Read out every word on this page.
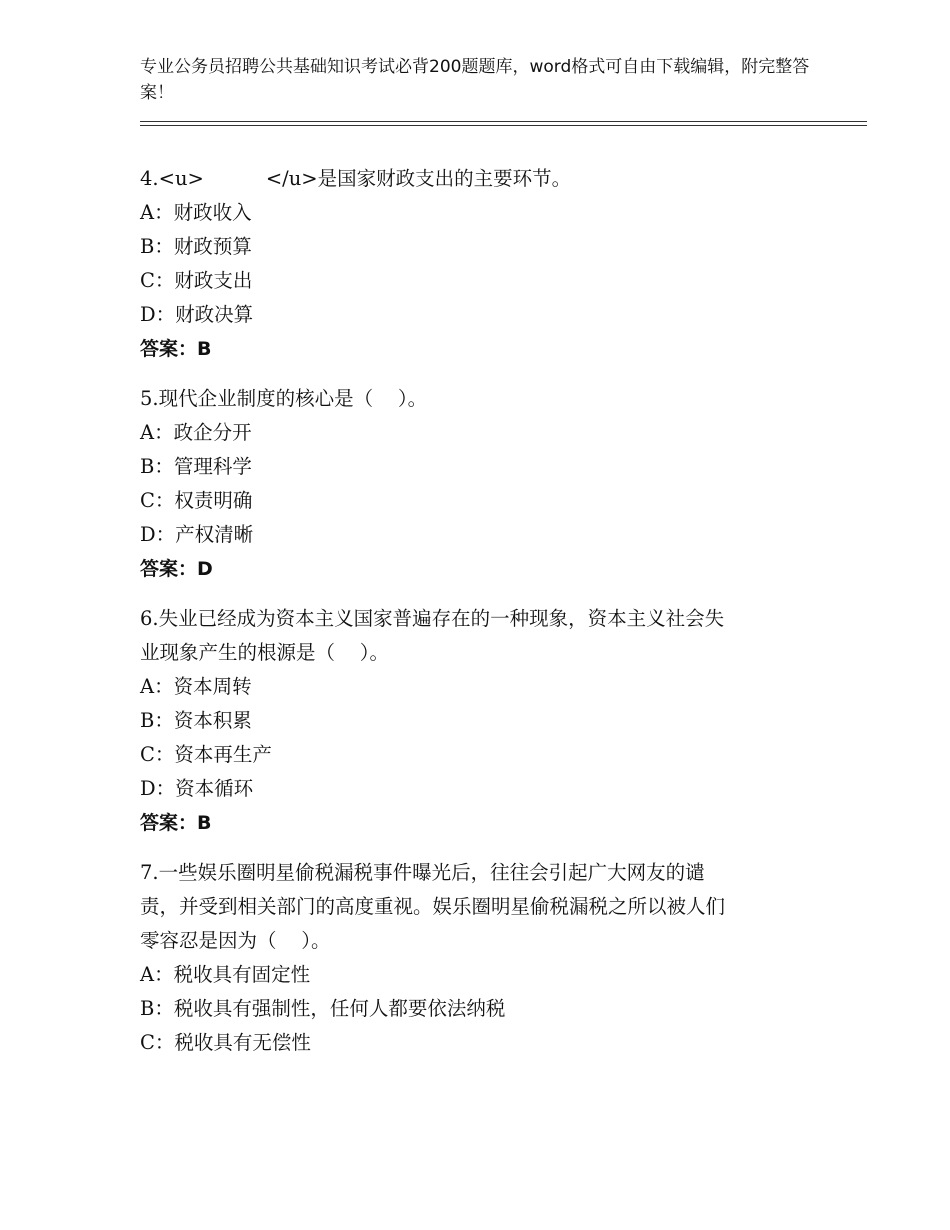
专业公务员招聘公共基础知识考试必背200题题库，word格式可自由下载编辑，附完整答案！
4.<u>          </u>是国家财政支出的主要环节。
A：财政收入
B：财政预算
C：财政支出
D：财政决算
答案：B
5.现代企业制度的核心是（    ）。
A：政企分开
B：管理科学
C：权责明确
D：产权清晰
答案：D
6.失业已经成为资本主义国家普遍存在的一种现象，资本主义社会失
业现象产生的根源是（    ）。
A：资本周转
B：资本积累
C：资本再生产
D：资本循环
答案：B
7.一些娱乐圈明星偷税漏税事件曝光后，往往会引起广大网友的谴
责，并受到相关部门的高度重视。娱乐圈明星偷税漏税之所以被人们
零容忍是因为（    ）。
A：税收具有固定性
B：税收具有强制性，任何人都要依法纳税
C：税收具有无偿性
